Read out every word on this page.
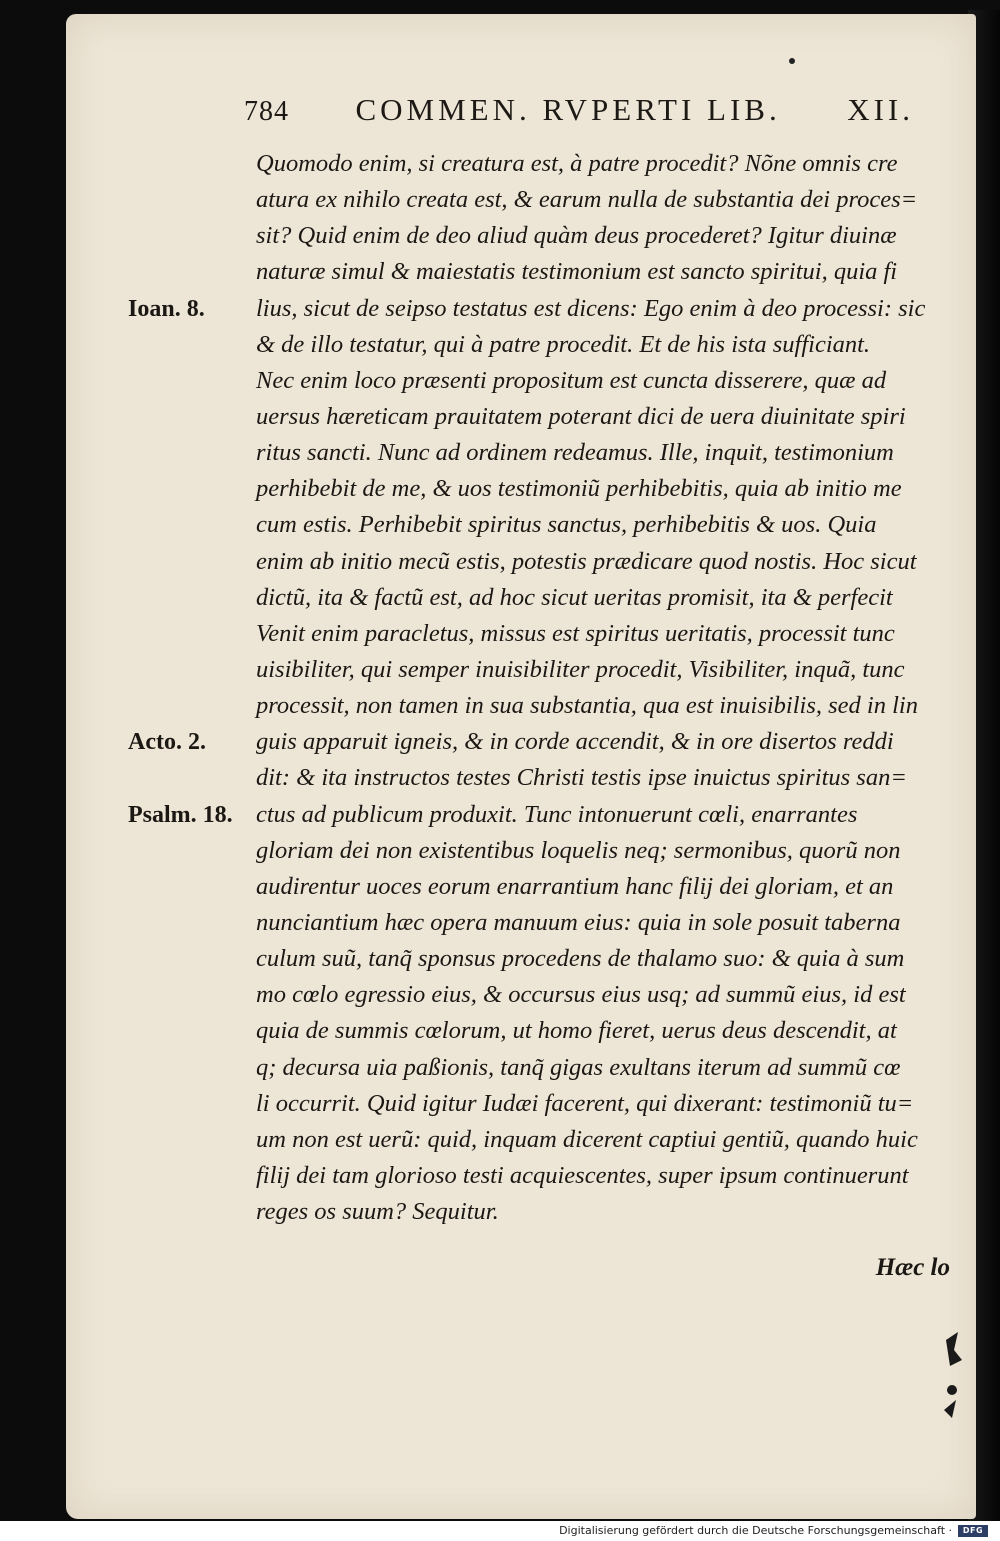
784 COMMEN. RVPERTI LIB. XII.
Quomodo enim, si creatura est, à patre procedit? Nõne omnis cre
atura ex nihilo creata est, & earum nulla de substantia dei proces=
sit? Quid enim de deo aliud quàm deus procederet? Igitur diuinæ
naturæ simul & maiestatis testimonium est sancto spiritui, quia fi
lius, sicut de seipso testatus est dicens: Ego enim à deo processi: sic
& de illo testatur, qui à patre procedit. Et de his ista sufficiant.
Nec enim loco præsenti propositum est cuncta disserere, quæ ad
uersus hæreticam prauitatem poterant dici de uera diuinitate spiri
ritus sancti. Nunc ad ordinem redeamus. Ille, inquit, testimonium
perhibebit de me, & uos testimoniũ perhibebitis, quia ab initio me
cum estis. Perhibebit spiritus sanctus, perhibebitis & uos. Quia
enim ab initio mecũ estis, potestis prædicare quod nostis. Hoc sicut
dictũ, ita & factũ est, ad hoc sicut ueritas promisit, ita & perfecit
Venit enim paracletus, missus est spiritus ueritatis, processit tunc
uisibiliter, qui semper inuisibiliter procedit, Visibiliter, inquã, tunc
processit, non tamen in sua substantia, qua est inuisibilis, sed in lin
guis apparuit igneis, & in corde accendit, & in ore disertos reddi
dit: & ita instructos testes Christi testis ipse inuictus spiritus san=
ctus ad publicum produxit. Tunc intonuerunt cœli, enarrantes
gloriam dei non existentibus loquelis neq; sermonibus, quorũ non
audirentur uoces eorum enarrantium hanc filij dei gloriam, et an
nunciantium hæc opera manuum eius: quia in sole posuit taberna
culum suũ, tanq̃ sponsus procedens de thalamo suo: & quia à sum
mo cœlo egressio eius, & occursus eius usq; ad summũ eius, id est
quia de summis cœlorum, ut homo fieret, uerus deus descendit, at
q; decursa uia paßionis, tanq̃ gigas exultans iterum ad summũ cœ
li occurrit. Quid igitur Iudæi facerent, qui dixerant: testimoniũ tu=
um non est uerũ: quid, inquam dicerent captiui gentiũ, quando huic
filij dei tam glorioso testi acquiescentes, super ipsum continuerunt
reges os suum? Sequitur.
Ioan. 8.
Acto. 2.
Psalm. 18.
Hæc lo
Digitalisierung gefördert durch die Deutsche Forschungsgemeinschaft ·	DFG
